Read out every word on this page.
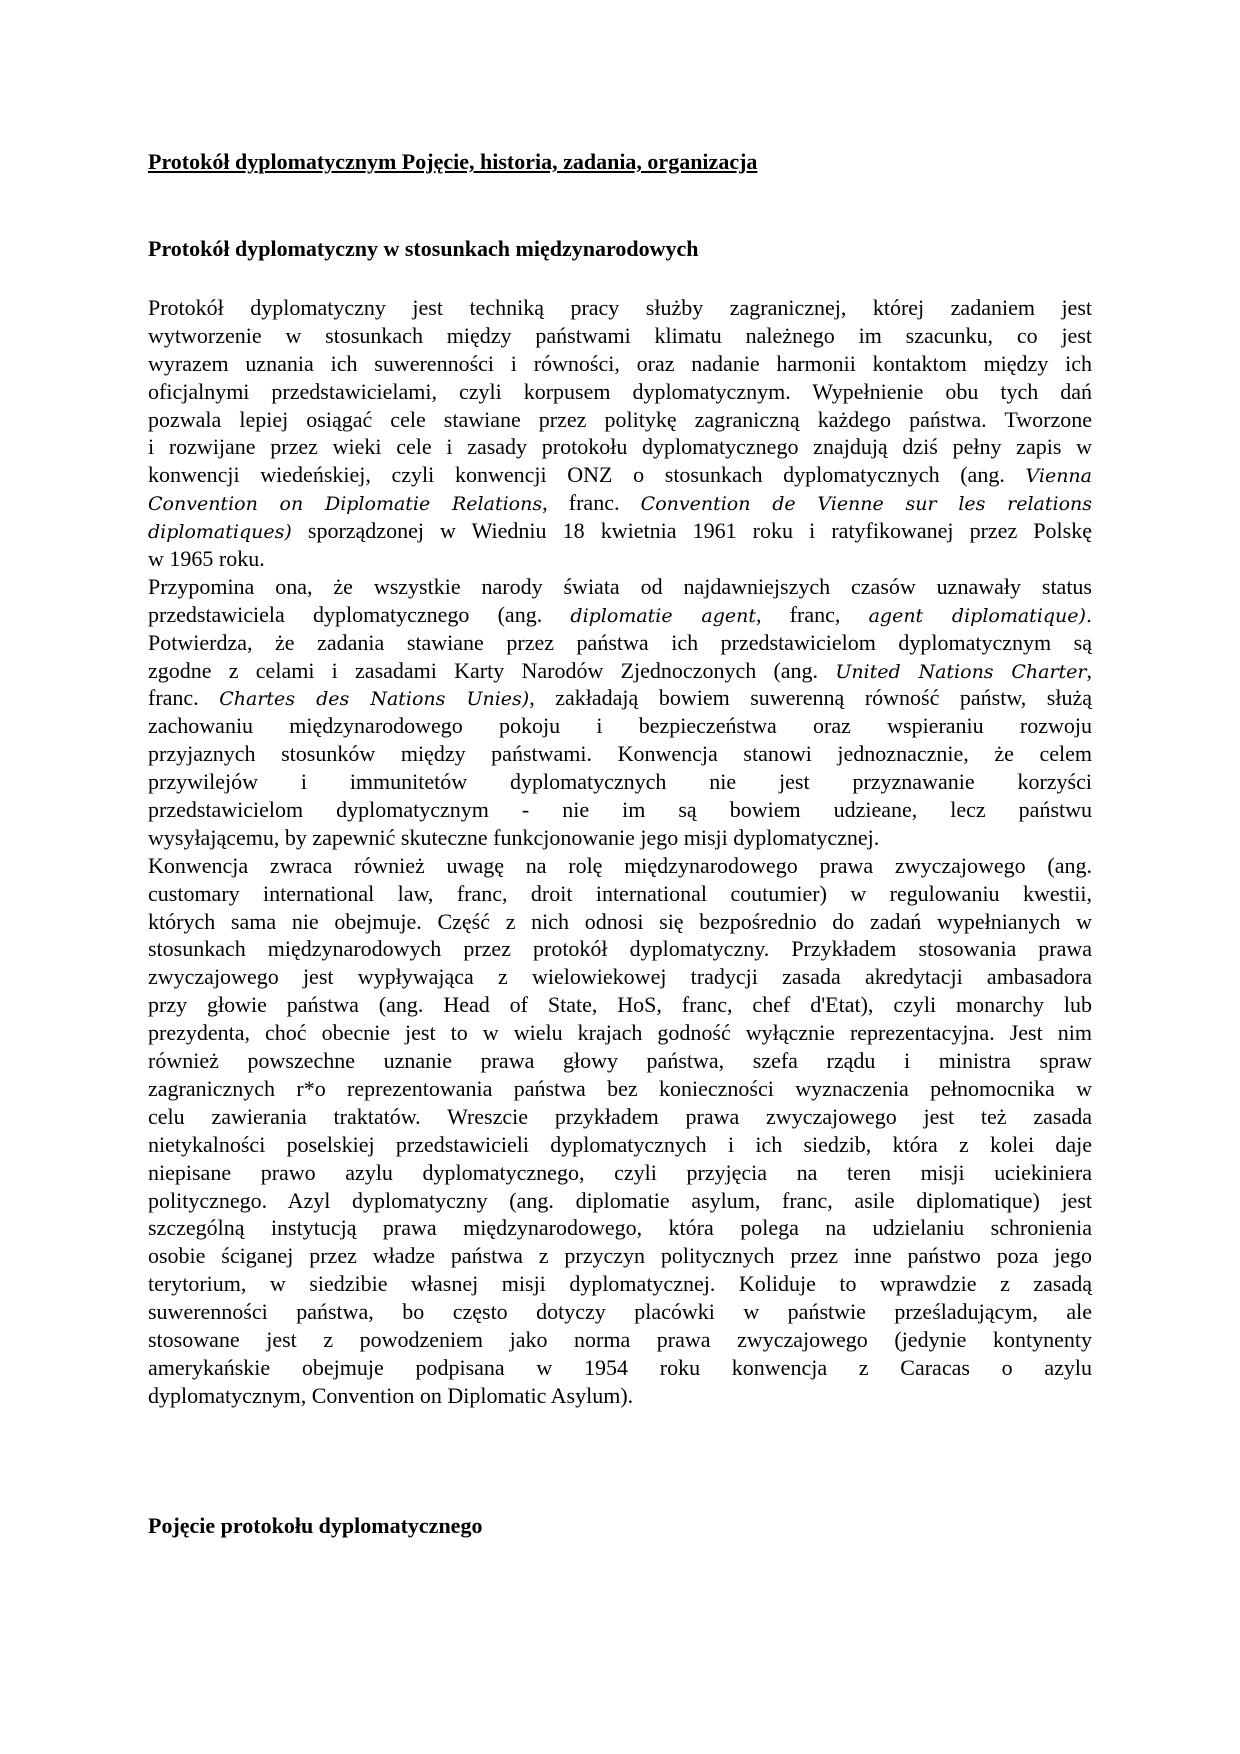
Protokół dyplomatycznym Pojęcie, historia, zadania, organizacja
Protokół dyplomatyczny w stosunkach międzynarodowych
Protokół dyplomatyczny jest techniką pracy służby zagranicznej, której zadaniem jest
wytworzenie w stosunkach między państwami klimatu należnego im szacunku, co jest
wyrazem uznania ich suwerenności i równości, oraz nadanie harmonii kontaktom między ich
oficjalnymi przedstawicielami, czyli korpusem dyplomatycznym. Wypełnienie obu tych dań
pozwala lepiej osiągać cele stawiane przez politykę zagraniczną każdego państwa. Tworzone
i rozwijane przez wieki cele i zasady protokołu dyplomatycznego znajdują dziś pełny zapis w
konwencji wiedeńskiej, czyli konwencji ONZ o stosunkach dyplomatycznych (ang. Vienna
Convention on Diplomatie Relations, franc. Convention de Vienne sur les relations
diplomatiques) sporządzonej w Wiedniu 18 kwietnia 1961 roku i ratyfikowanej przez Polskę
w 1965 roku.
Przypomina ona, że wszystkie narody świata od najdawniejszych czasów uznawały status
przedstawiciela dyplomatycznego (ang. diplomatie agent, franc, agent diplomatique).
Potwierdza, że zadania stawiane przez państwa ich przedstawicielom dyplomatycznym są
zgodne z celami i zasadami Karty Narodów Zjednoczonych (ang. United Nations Charter,
franc. Chartes des Nations Unies), zakładają bowiem suwerenną równość państw, służą
zachowaniu międzynarodowego pokoju i bezpieczeństwa oraz wspieraniu rozwoju
przyjaznych stosunków między państwami. Konwencja stanowi jednoznacznie, że celem
przywilejów i immunitetów dyplomatycznych nie jest przyznawanie korzyści
przedstawicielom dyplomatycznym - nie im są bowiem udzieane, lecz państwu
wysyłającemu, by zapewnić skuteczne funkcjonowanie jego misji dyplomatycznej.
Konwencja zwraca również uwagę na rolę międzynarodowego prawa zwyczajowego (ang.
customary international law, franc, droit international coutumier) w regulowaniu kwestii,
których sama nie obejmuje. Część z nich odnosi się bezpośrednio do zadań wypełnianych w
stosunkach międzynarodowych przez protokół dyplomatyczny. Przykładem stosowania prawa
zwyczajowego jest wypływająca z wielowiekowej tradycji zasada akredytacji ambasadora
przy głowie państwa (ang. Head of State, HoS, franc, chef d'Etat), czyli monarchy lub
prezydenta, choć obecnie jest to w wielu krajach godność wyłącznie reprezentacyjna. Jest nim
również powszechne uznanie prawa głowy państwa, szefa rządu i ministra spraw
zagranicznych r*o reprezentowania państwa bez konieczności wyznaczenia pełnomocnika w
celu zawierania traktatów. Wreszcie przykładem prawa zwyczajowego jest też zasada
nietykalności poselskiej przedstawicieli dyplomatycznych i ich siedzib, która z kolei daje
niepisane prawo azylu dyplomatycznego, czyli przyjęcia na teren misji uciekiniera
politycznego. Azyl dyplomatyczny (ang. diplomatie asylum, franc, asile diplomatique) jest
szczególną instytucją prawa międzynarodowego, która polega na udzielaniu schronienia
osobie ściganej przez władze państwa z przyczyn politycznych przez inne państwo poza jego
terytorium, w siedzibie własnej misji dyplomatycznej. Koliduje to wprawdzie z zasadą
suwerenności państwa, bo często dotyczy placówki w państwie prześladującym, ale
stosowane jest z powodzeniem jako norma prawa zwyczajowego (jedynie kontynenty
amerykańskie obejmuje podpisana w 1954 roku konwencja z Caracas o azylu
dyplomatycznym, Convention on Diplomatic Asylum).
Pojęcie protokołu dyplomatycznego
